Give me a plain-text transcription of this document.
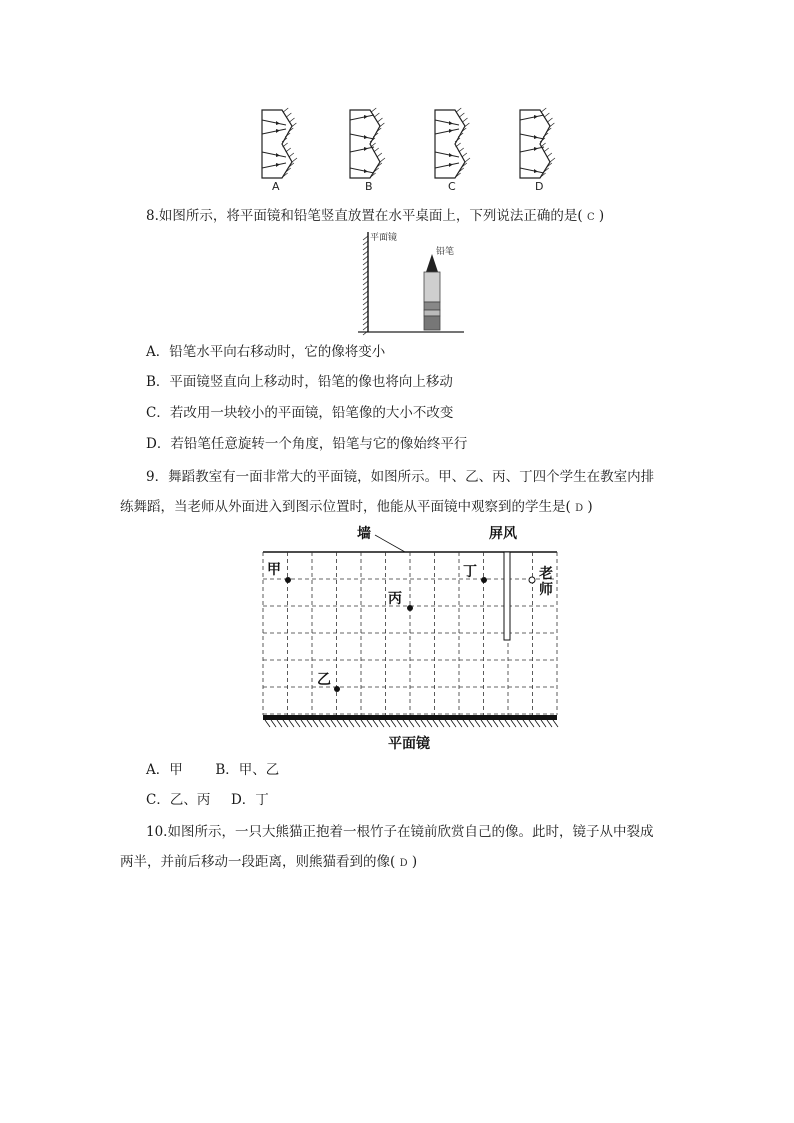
A	B	C	D
8.如图所示，将平面镜和铅笔竖直放置在水平桌面上，下列说法正确的是( C )
平面镜
铅笔
A．铅笔水平向右移动时，它的像将变小
B．平面镜竖直向上移动时，铅笔的像也将向上移动
C．若改用一块较小的平面镜，铅笔像的大小不改变
D．若铅笔任意旋转一个角度，铅笔与它的像始终平行
9．舞蹈教室有一面非常大的平面镜，如图所示。甲、乙、丙、丁四个学生在教室内排
练舞蹈，当老师从外面进入到图示位置时，他能从平面镜中观察到的学生是( D )
墙	屏风
甲	丁
丙
乙
老 师
平面镜
A．甲 B．甲、乙
C．乙、丙 D．丁
10.如图所示，一只大熊猫正抱着一根竹子在镜前欣赏自己的像。此时，镜子从中裂成
两半，并前后移动一段距离，则熊猫看到的像( D )
